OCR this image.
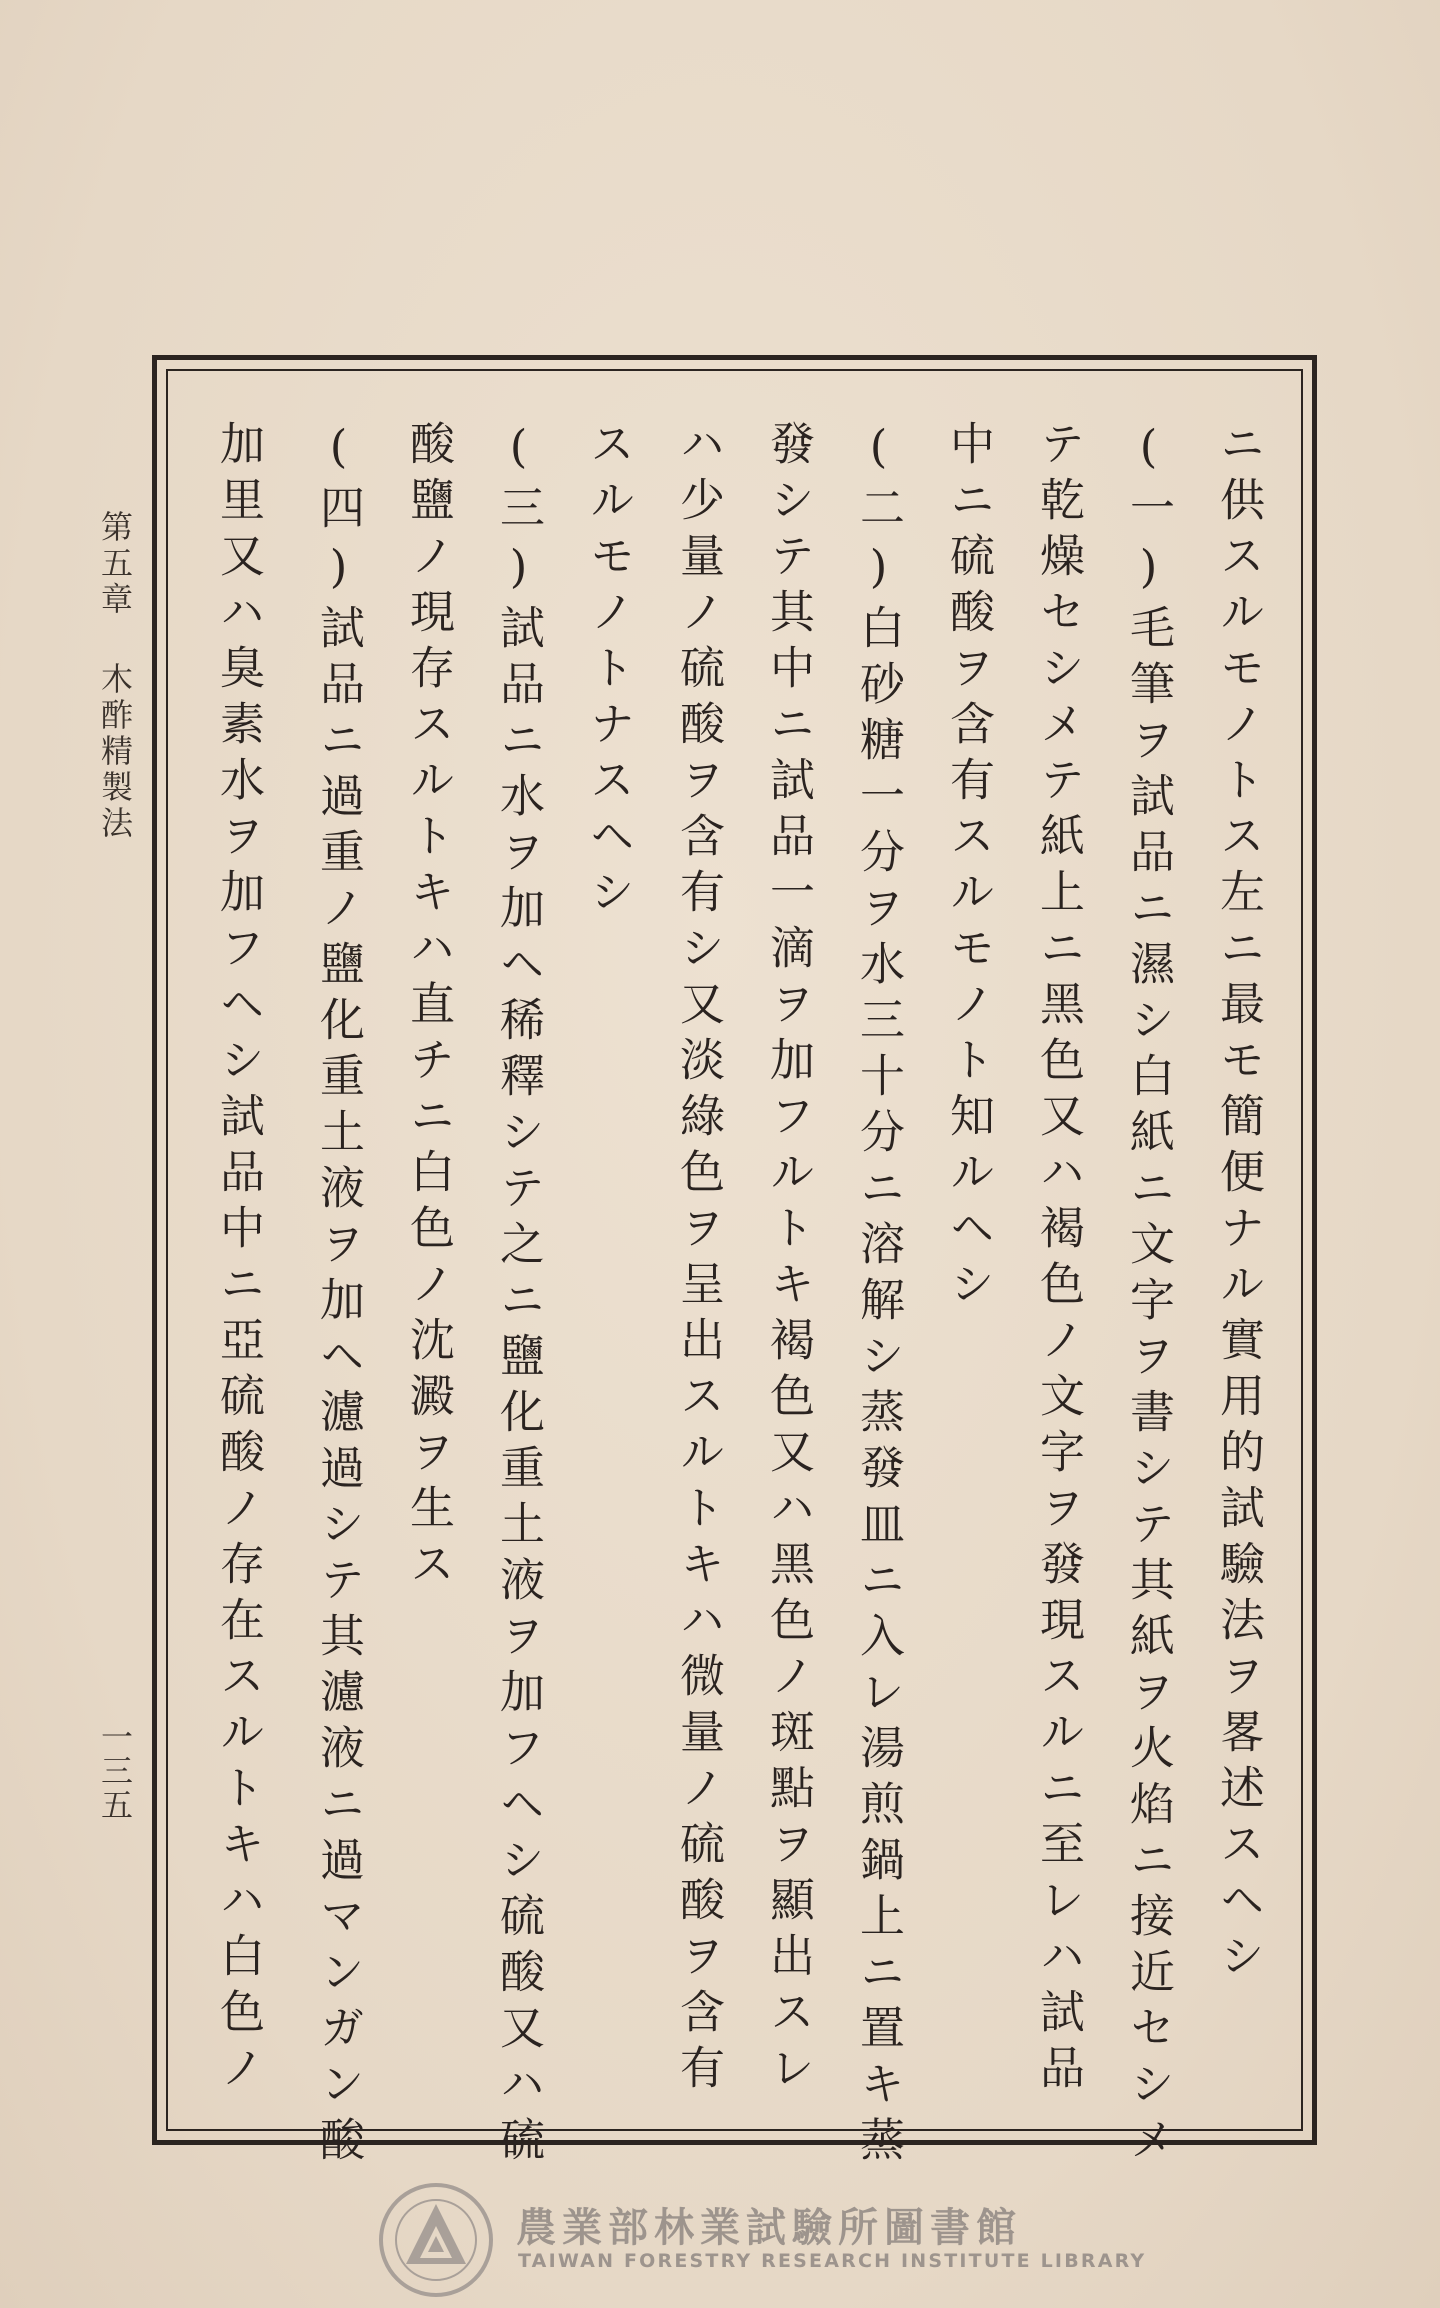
第五章木酢精製法
一三五	ニ供スルモノトス左ニ最モ簡便ナル實用的試驗法ヲ畧述スヘシ
(一)毛筆ヲ試品ニ濕シ白紙ニ文字ヲ書シテ其紙ヲ火焰ニ接近セシメ
テ乾燥セシメテ紙上ニ黑色又ハ褐色ノ文字ヲ發現スルニ至レハ試品
中ニ硫酸ヲ含有スルモノト知ルヘシ
(二)白砂糖一分ヲ水三十分ニ溶解シ蒸發皿ニ入レ湯煎鍋上ニ置キ蒸
發シテ其中ニ試品一滴ヲ加フルトキ褐色又ハ黑色ノ斑點ヲ顯出スレ
ハ少量ノ硫酸ヲ含有シ又淡綠色ヲ呈出スルトキハ微量ノ硫酸ヲ含有
スルモノトナスヘシ
(三)試品ニ水ヲ加ヘ稀釋シテ之ニ鹽化重土液ヲ加フヘシ硫酸又ハ硫
酸鹽ノ現存スルトキハ直チニ白色ノ沈澱ヲ生ス
(四)試品ニ過重ノ鹽化重土液ヲ加ヘ濾過シテ其濾液ニ過マンガン酸
加里又ハ臭素水ヲ加フヘシ試品中ニ亞硫酸ノ存在スルトキハ白色ノ
農業部林業試驗所圖書館
TAIWAN FORESTRY RESEARCH INSTITUTE LIBRARY
